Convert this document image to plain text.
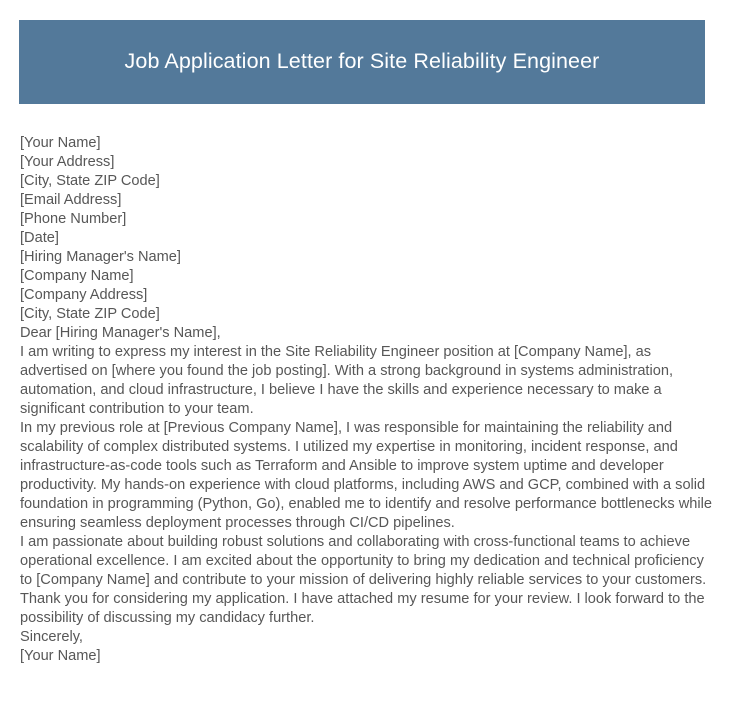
Job Application Letter for Site Reliability Engineer

[Your Name]

[Your Address]

[City, State ZIP Code]

[Email Address]

[Phone Number]

[Date]

[Hiring Manager's Name]

[Company Name]

[Company Address]

[City, State ZIP Code]

Dear [Hiring Manager's Name],

I am writing to express my interest in the Site Reliability Engineer position at [Company Name], as advertised on [where you found the job posting]. With a strong background in systems administration, automation, and cloud infrastructure, I believe I have the skills and experience necessary to make a significant contribution to your team.

In my previous role at [Previous Company Name], I was responsible for maintaining the reliability and scalability of complex distributed systems. I utilized my expertise in monitoring, incident response, and infrastructure-as-code tools such as Terraform and Ansible to improve system uptime and developer productivity. My hands-on experience with cloud platforms, including AWS and GCP, combined with a solid foundation in programming (Python, Go), enabled me to identify and resolve performance bottlenecks while ensuring seamless deployment processes through CI/CD pipelines.

I am passionate about building robust solutions and collaborating with cross-functional teams to achieve operational excellence. I am excited about the opportunity to bring my dedication and technical proficiency to [Company Name] and contribute to your mission of delivering highly reliable services to your customers.

Thank you for considering my application. I have attached my resume for your review. I look forward to the possibility of discussing my candidacy further.

Sincerely,

[Your Name]
